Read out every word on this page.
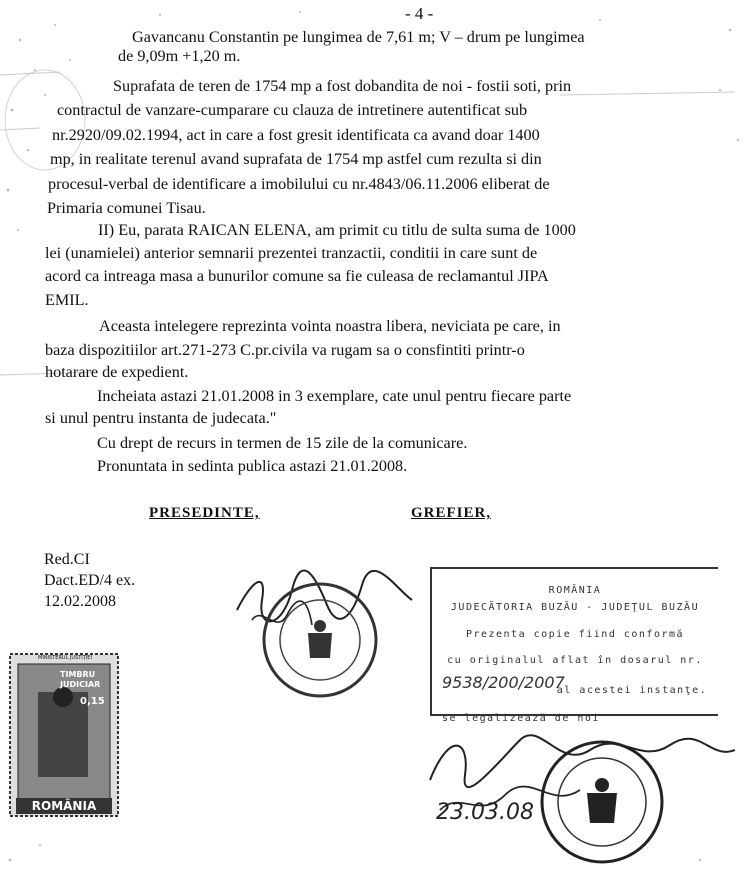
- 4 -
Gavancanu Constantin pe lungimea de 7,61 m; V – drum pe lungimea
de 9,09m +1,20 m.
Suprafata de teren de 1754 mp a fost dobandita de noi - fostii soti, prin
contractul de vanzare-cumparare cu clauza de intretinere autentificat sub
nr.2920/09.02.1994, act in care a fost gresit identificata ca avand doar 1400
mp, in realitate terenul avand suprafata de 1754 mp astfel cum rezulta si din
procesul-verbal de identificare a imobilului cu nr.4843/06.11.2006 eliberat de
Primaria comunei Tisau.
II) Eu, parata RAICAN ELENA, am primit cu titlu de sulta suma de 1000
lei (unamielei) anterior semnarii prezentei tranzactii, conditii in care sunt de
acord ca intreaga masa a bunurilor comune sa fie culeasa de reclamantul JIPA
EMIL.
Aceasta intelegere reprezinta vointa noastra libera, neviciata pe care, in
baza dispozitiilor art.271-273 C.pr.civila va rugam sa o consfintiti printr-o
hotarare de expedient.
Incheiata astazi 21.01.2008 in 3 exemplare, cate unul pentru fiecare parte
si unul pentru instanta de judecata."
Cu drept de recurs in termen de 15 zile de la comunicare.
Pronuntata in sedinta publica astazi 21.01.2008.
PRESEDINTE,	GREFIER,
Red.CI
Dact.ED/4 ex.
12.02.2008
ROMÂNIA
JUDECĂTORIA BUZĂU - JUDEŢUL BUZĂU
Prezenta copie fiind conformă
cu originalul aflat în dosarul nr.
9538/200/2007
al acestei instanţe.
se legalizează de noi
23.03.08
MINISTERUL JUSTIŢIEI
TIMBRU JUDICIAR
0,15
ROMÂNIA
